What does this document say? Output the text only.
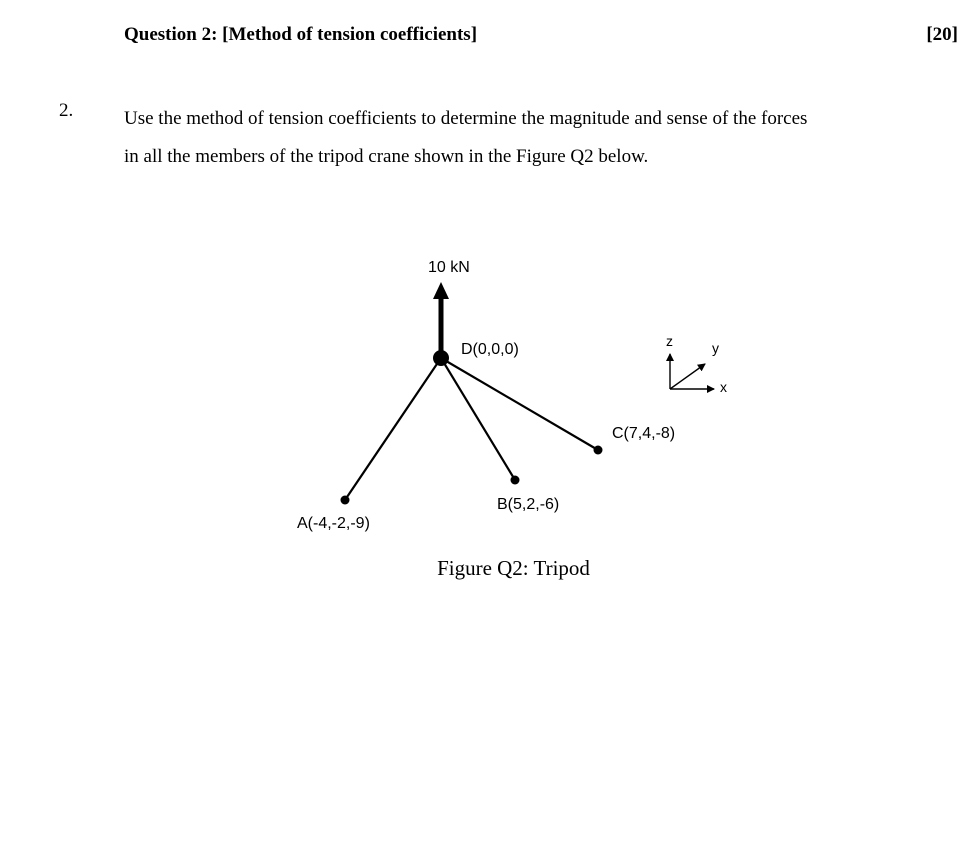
Question 2: [Method of tension coefficients]	[20]
2.	Use the method of tension coefficients to determine the magnitude and sense of the forces
in all the members of the tripod crane shown in the Figure Q2 below.
10 kN
D(0,0,0)
A(-4,-2,-9)
B(5,2,-6)
C(7,4,-8)
z	y
x
Figure Q2: Tripod
